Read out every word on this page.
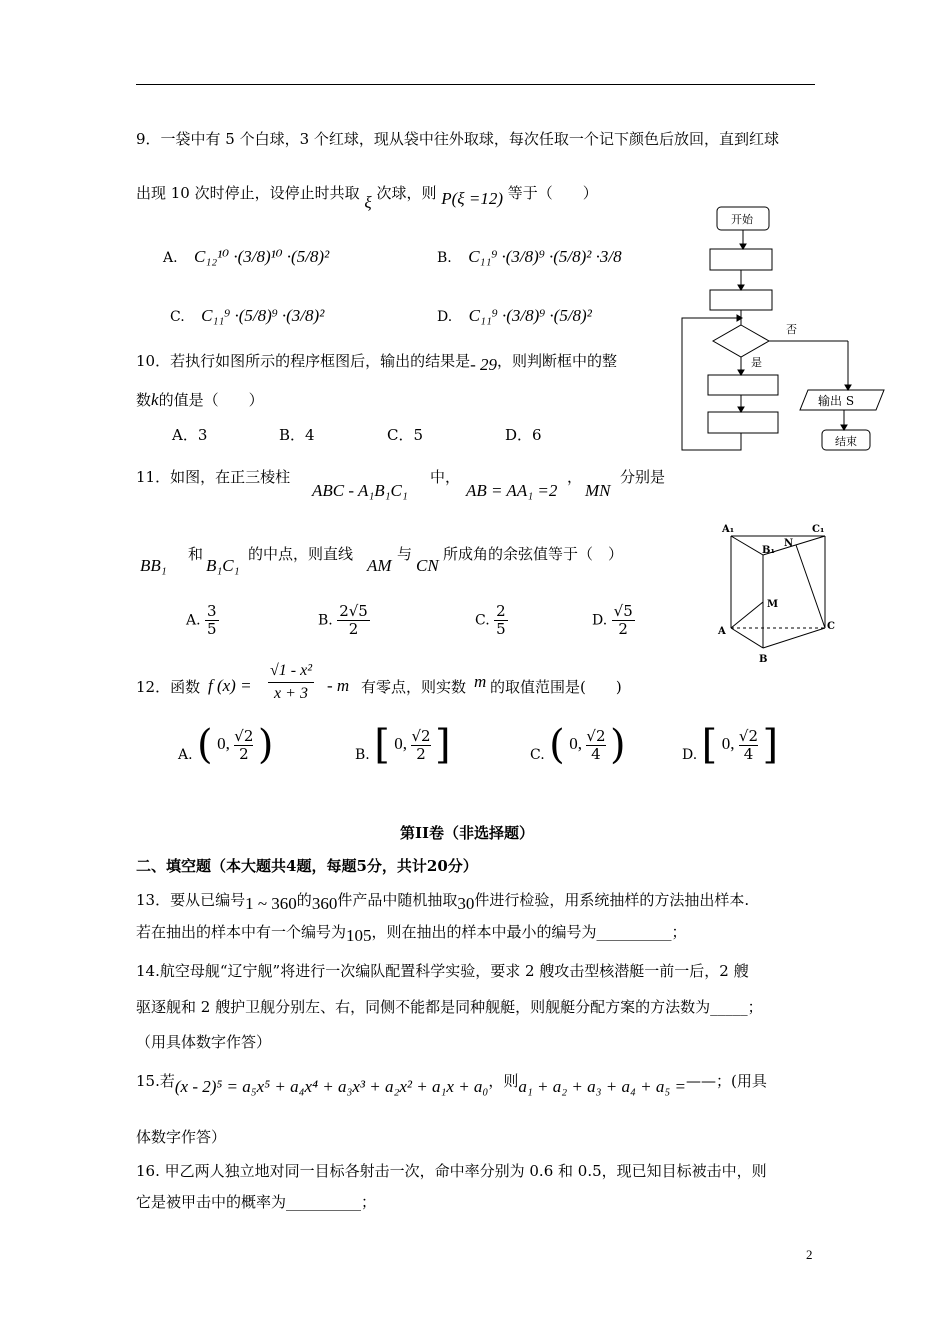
9．一袋中有 5 个白球，3 个红球，现从袋中往外取球，每次任取一个记下颜色后放回，直到红球
出现 10 次时停止，设停止时共取 ξ 次球，则 P(ξ =12) 等于（　　）
A. C₁₂¹⁰ ·(3/8)¹⁰ ·(5/8)²	B. C₁₁⁹ ·(3/8)⁹ ·(5/8)² ·3/8
C. C₁₁⁹ ·(5/8)⁹ ·(3/8)²	D. C₁₁⁹ ·(3/8)⁹ ·(5/8)²
10．若执行如图所示的程序框图后，输出的结果是- 29，则判断框中的整
数k的值是（　　）
A．3	B．4	C．5	D．6
开始
否
是
输出 S
结束
11．如图，在正三棱柱
ABC - A₁B₁C₁
中，
AB = AA₁ =2
，
MN
分别是
BB₁
和
B₁C₁
的中点，则直线
AM
与
CN
所成角的余弦值等于（　）
A. $\frac{3}{5}$	B. $\frac{2√5}{2}$	C. $\frac{2}{5}$	D. $\frac{√5}{2}$
A₁	C₁
B₁
N
M
A	C
B
12．函数 f $(x) = \frac{\text{√1 - x²}}{x + 3} - m$ 有零点，则实数 m 的取值范围是(　　)
A. ( 0, $\frac{√2}{2}$ )	B. [ 0, $\frac{√2}{2}$ ]	C. ( 0, $\frac{√2}{4}$ )	D. [ 0, $\frac{√2}{4}$ ]
第II卷（非选择题）
二、填空题（本大题共4题，每题5分，共计20分）
13．要从已编号1 ~ 360的360件产品中随机抽取30件进行检验，用系统抽样的方法抽出样本.
若在抽出的样本中有一个编号为105，则在抽出的样本中最小的编号为__________；
14.航空母舰“辽宁舰”将进行一次编队配置科学实验，要求 2 艘攻击型核潜艇一前一后，2 艘
驱逐舰和 2 艘护卫舰分别左、右，同侧不能都是同种舰艇，则舰艇分配方案的方法数为_____；
（用具体数字作答）
15.若(x - 2)⁵ = a₅x⁵ + a₄x⁴ + a₃x³ + a₂x² + a₁x + a₀，则a₁ + a₂ + a₃ + a₄ + a₅ =——；(用具
体数字作答）
16. 甲乙两人独立地对同一目标各射击一次，命中率分别为 0.6 和 0.5，现已知目标被击中，则
它是被甲击中的概率为__________；
2
